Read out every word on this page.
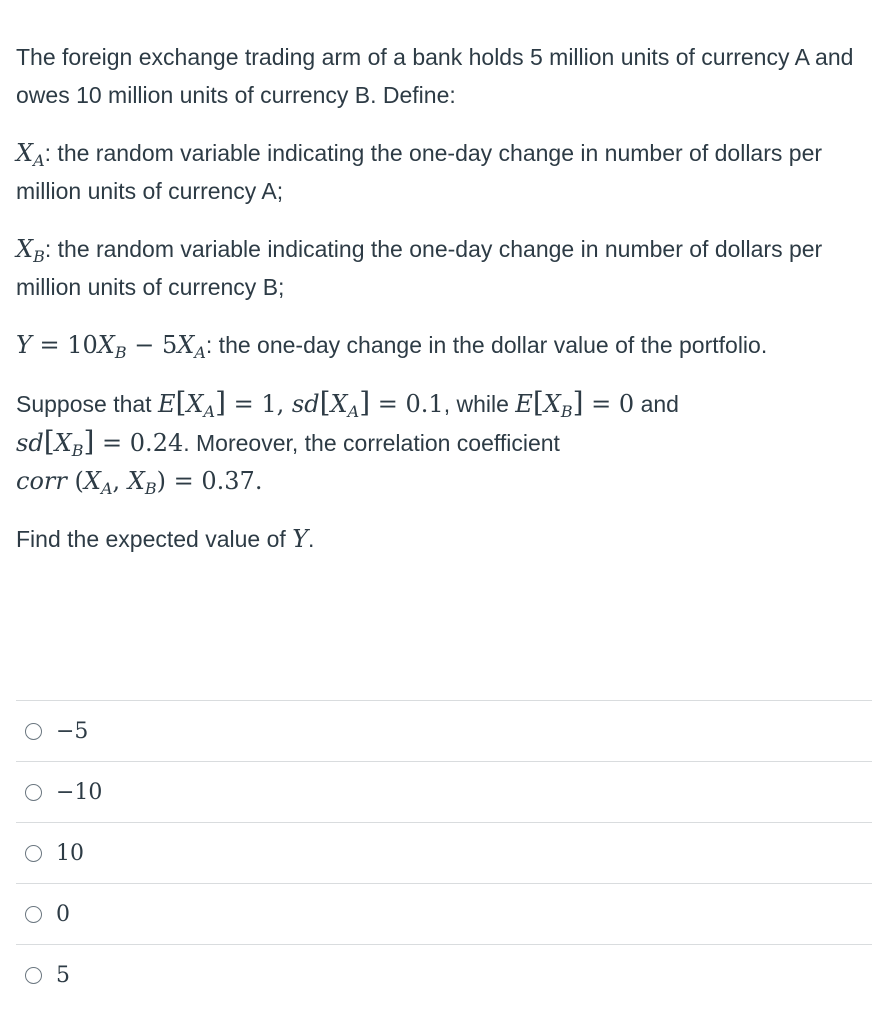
The foreign exchange trading arm of a bank holds 5 million units of currency A and owes 10 million units of currency B. Define:

$X_A$: the random variable indicating the one-day change in number of dollars per million units of currency A;

$X_B$: the random variable indicating the one-day change in number of dollars per million units of currency B;

$Y = 10X_B - 5X_A$: the one-day change in the dollar value of the portfolio.

Suppose that $E[X_A] = 1$, $sd[X_A] = 0.1$, while $E[X_B] = 0$ and
$sd[X_B] = 0.24$. Moreover, the correlation coefficient
corr ($X_A$, $X_B) = 0.37$.

Find the expected value of Y.

−5
−10
10
0
5
